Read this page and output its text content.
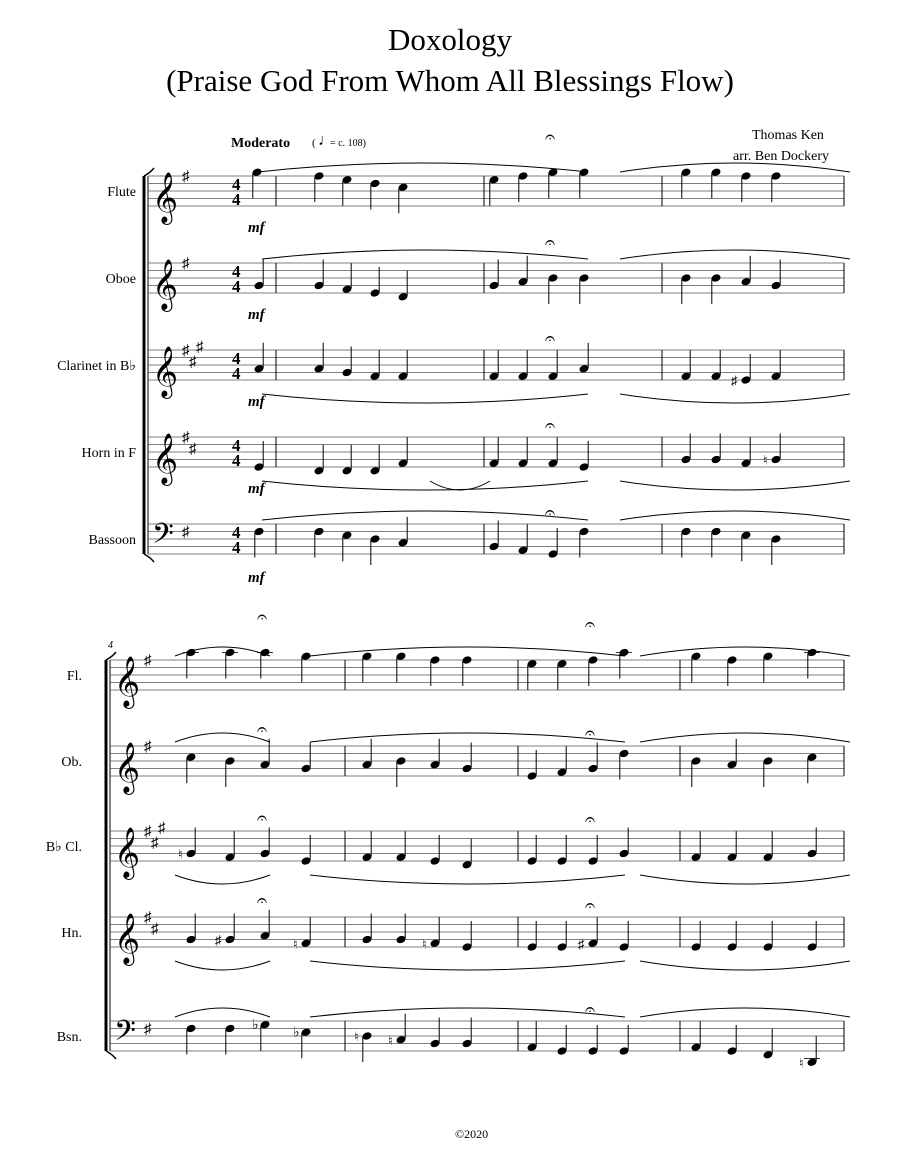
Doxology
(Praise God From Whom All Blessings Flow)
Thomas Ken
arr. Ben Dockery
Moderato ( ♩
= c. 108)
Flute 𝄞 ♯	4
4
mf
𝄐
Oboe 𝄞 ♯	4
4
mf
𝄐
Clarinet in B♭ 𝄞 ♯
♯
♯
4
4
mf
𝄐
♯
Horn in F 𝄞 ♯
♯ 4
4
mf
𝄐
♮
Bassoon 𝄢 ♯	4
4
mf
𝄐
4
Fl. 𝄞 ♯
𝄐	𝄐
Ob. 𝄞 ♯
𝄐	𝄐
B♭ Cl. 𝄞 ♯
♯
♯
♮
𝄐	𝄐
Hn. 𝄞 ♯
♯
♯
𝄐
♮	♮	♯
𝄐
Bsn. 𝄢 ♯	♭ ♭	♮ ♮
𝄐
♮
©2020
